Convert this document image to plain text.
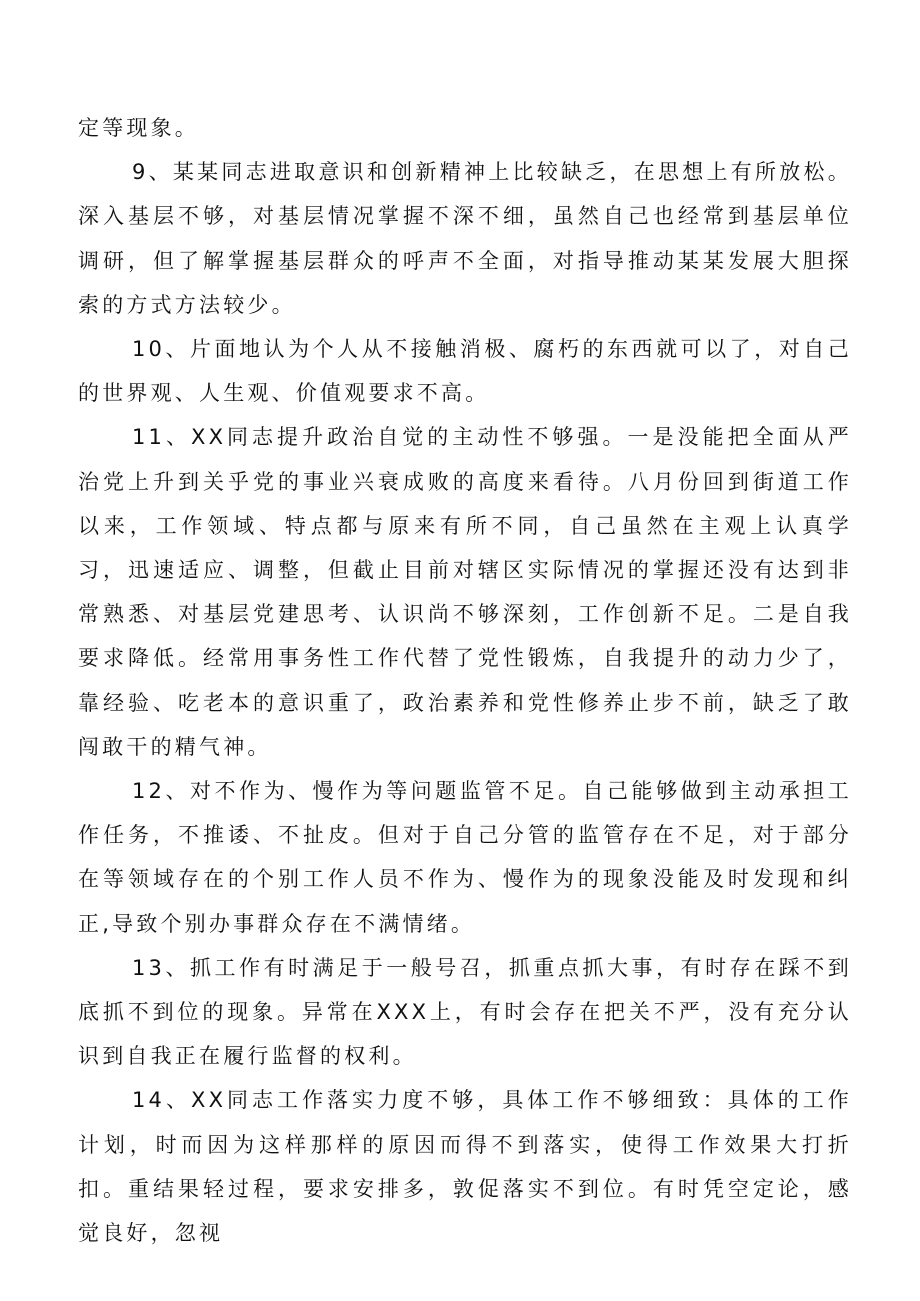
定等现象。

9、某某同志进取意识和创新精神上比较缺乏，在思想上有所放松。深入基层不够，对基层情况掌握不深不细，虽然自己也经常到基层单位调研，但了解掌握基层群众的呼声不全面，对指导推动某某发展大胆探索的方式方法较少。

10、片面地认为个人从不接触消极、腐朽的东西就可以了，对自己的世界观、人生观、价值观要求不高。

11、XX同志提升政治自觉的主动性不够强。一是没能把全面从严治党上升到关乎党的事业兴衰成败的高度来看待。八月份回到街道工作以来，工作领域、特点都与原来有所不同，自己虽然在主观上认真学习，迅速适应、调整，但截止目前对辖区实际情况的掌握还没有达到非常熟悉、对基层党建思考、认识尚不够深刻，工作创新不足。二是自我要求降低。经常用事务性工作代替了党性锻炼，自我提升的动力少了，靠经验、吃老本的意识重了，政治素养和党性修养止步不前，缺乏了敢闯敢干的精气神。

12、对不作为、慢作为等问题监管不足。自己能够做到主动承担工作任务，不推诿、不扯皮。但对于自己分管的监管存在不足，对于部分在等领域存在的个别工作人员不作为、慢作为的现象没能及时发现和纠正,导致个别办事群众存在不满情绪。

13、抓工作有时满足于一般号召，抓重点抓大事，有时存在踩不到底抓不到位的现象。异常在XXX上，有时会存在把关不严，没有充分认识到自我正在履行监督的权利。

14、XX同志工作落实力度不够，具体工作不够细致：具体的工作计划，时而因为这样那样的原因而得不到落实，使得工作效果大打折扣。重结果轻过程，要求安排多，敦促落实不到位。有时凭空定论，感觉良好，忽视
